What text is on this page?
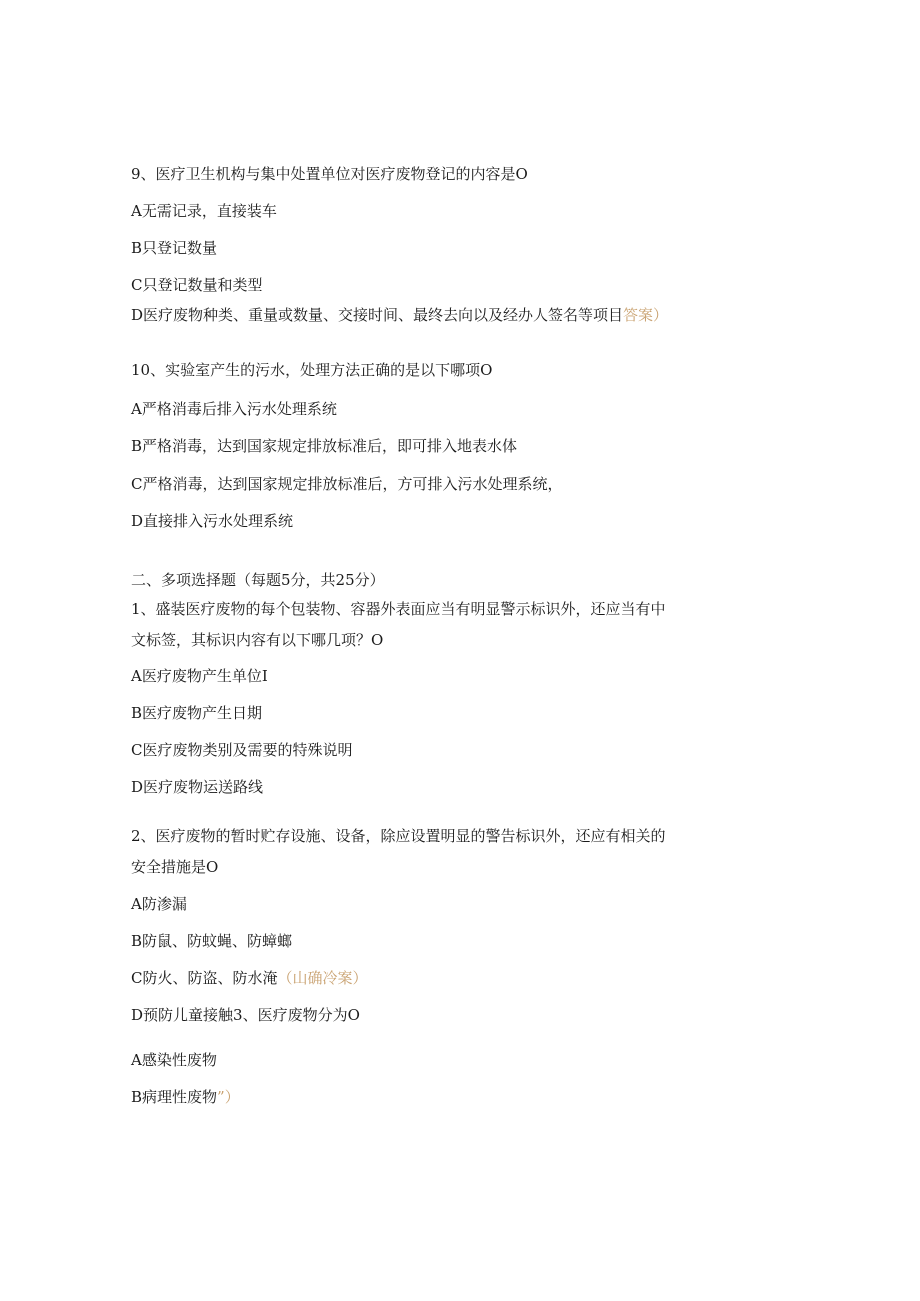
9、医疗卫生机构与集中处置单位对医疗废物登记的内容是O

A无需记录，直接装车

B只登记数量

C只登记数量和类型

D医疗废物种类、重量或数量、交接时间、最终去向以及经办人签名等项目答案）

10、实验室产生的污水，处理方法正确的是以下哪项O

A严格消毒后排入污水处理系统

B严格消毒，达到国家规定排放标准后，即可排入地表水体

C严格消毒，达到国家规定排放标准后，方可排入污水处理系统，

D直接排入污水处理系统

二、多项选择题（每题5分，共25分）

1、盛装医疗废物的每个包装物、容器外表面应当有明显警示标识外，还应当有中

文标签，其标识内容有以下哪几项？O

A医疗废物产生单位I

B医疗废物产生日期

C医疗废物类别及需要的特殊说明

D医疗废物运送路线

2、医疗废物的暂时贮存设施、设备，除应设置明显的警告标识外，还应有相关的

安全措施是O

A防渗漏

B防鼠、防蚊蝇、防蟑螂

C防火、防盗、防水淹（山确冷案）

D预防儿童接触3、医疗废物分为O

A感染性废物

B病理性废物”）
